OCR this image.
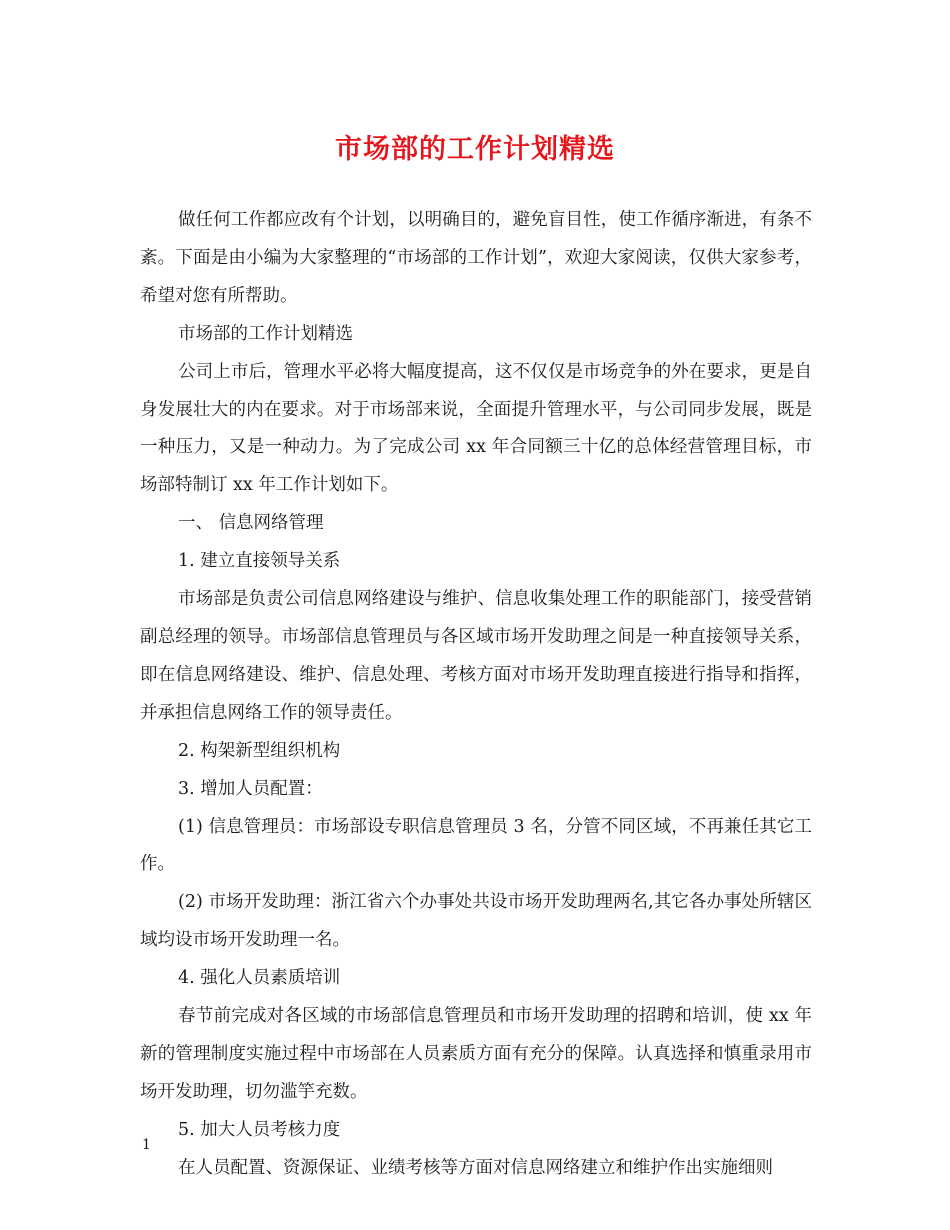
市场部的工作计划精选

做任何工作都应改有个计划，以明确目的，避免盲目性，使工作循序渐进，有条不紊。下面是由小编为大家整理的“市场部的工作计划”，欢迎大家阅读，仅供大家参考，希望对您有所帮助。

市场部的工作计划精选

公司上市后，管理水平必将大幅度提高，这不仅仅是市场竞争的外在要求，更是自身发展壮大的内在要求。对于市场部来说，全面提升管理水平，与公司同步发展，既是一种压力，又是一种动力。为了完成公司 xx 年合同额三十亿的总体经营管理目标，市场部特制订 xx 年工作计划如下。

一、 信息网络管理

1. 建立直接领导关系

市场部是负责公司信息网络建设与维护、信息收集处理工作的职能部门，接受营销副总经理的领导。市场部信息管理员与各区域市场开发助理之间是一种直接领导关系，即在信息网络建设、维护、信息处理、考核方面对市场开发助理直接进行指导和指挥，并承担信息网络工作的领导责任。

2. 构架新型组织机构

3. 增加人员配置：

(1) 信息管理员：市场部设专职信息管理员 3 名，分管不同区域，不再兼任其它工作。

(2) 市场开发助理：浙江省六个办事处共设市场开发助理两名,其它各办事处所辖区域均设市场开发助理一名。

4. 强化人员素质培训

春节前完成对各区域的市场部信息管理员和市场开发助理的招聘和培训，使 xx 年新的管理制度实施过程中市场部在人员素质方面有充分的保障。认真选择和慎重录用市场开发助理，切勿滥竽充数。

5. 加大人员考核力度

在人员配置、资源保证、业绩考核等方面对信息网络建立和维护作出实施细则

1
